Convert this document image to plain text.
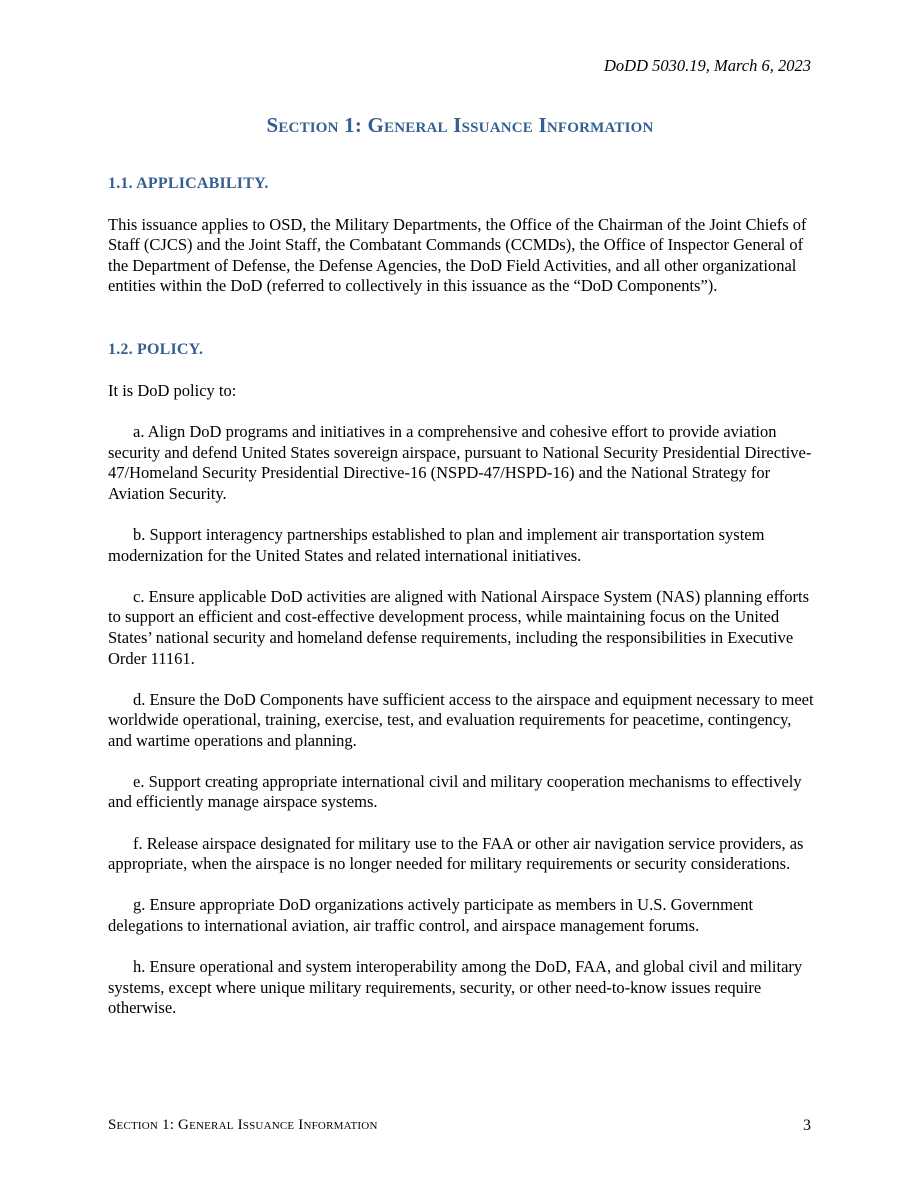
DoDD 5030.19, March 6, 2023
Section 1: General Issuance Information
1.1. APPLICABILITY.
This issuance applies to OSD, the Military Departments, the Office of the Chairman of the Joint Chiefs of Staff (CJCS) and the Joint Staff, the Combatant Commands (CCMDs), the Office of Inspector General of the Department of Defense, the Defense Agencies, the DoD Field Activities, and all other organizational entities within the DoD (referred to collectively in this issuance as the “DoD Components”).
1.2. POLICY.
It is DoD policy to:
a. Align DoD programs and initiatives in a comprehensive and cohesive effort to provide aviation security and defend United States sovereign airspace, pursuant to National Security Presidential Directive-47/Homeland Security Presidential Directive-16 (NSPD-47/HSPD-16) and the National Strategy for Aviation Security.
b. Support interagency partnerships established to plan and implement air transportation system modernization for the United States and related international initiatives.
c. Ensure applicable DoD activities are aligned with National Airspace System (NAS) planning efforts to support an efficient and cost-effective development process, while maintaining focus on the United States’ national security and homeland defense requirements, including the responsibilities in Executive Order 11161.
d. Ensure the DoD Components have sufficient access to the airspace and equipment necessary to meet worldwide operational, training, exercise, test, and evaluation requirements for peacetime, contingency, and wartime operations and planning.
e. Support creating appropriate international civil and military cooperation mechanisms to effectively and efficiently manage airspace systems.
f. Release airspace designated for military use to the FAA or other air navigation service providers, as appropriate, when the airspace is no longer needed for military requirements or security considerations.
g. Ensure appropriate DoD organizations actively participate as members in U.S. Government delegations to international aviation, air traffic control, and airspace management forums.
h. Ensure operational and system interoperability among the DoD, FAA, and global civil and military systems, except where unique military requirements, security, or other need-to-know issues require otherwise.
Section 1: General Issuance Information	3
